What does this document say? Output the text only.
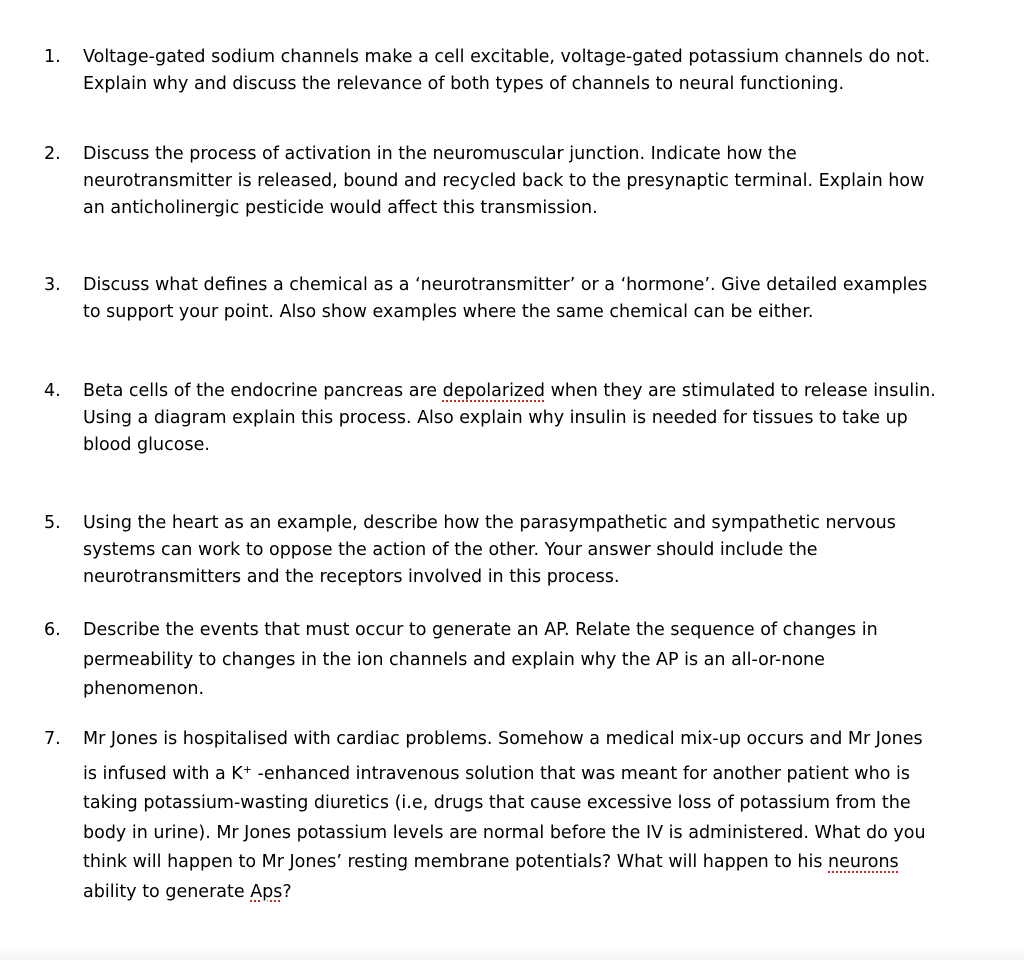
1.	Voltage-gated sodium channels make a cell excitable, voltage-gated potassium channels do not.
Explain why and discuss the relevance of both types of channels to neural functioning.
2.	Discuss the process of activation in the neuromuscular junction. Indicate how the
neurotransmitter is released, bound and recycled back to the presynaptic terminal. Explain how
an anticholinergic pesticide would affect this transmission.
3.	Discuss what defines a chemical as a ‘neurotransmitter’ or a ‘hormone’. Give detailed examples
to support your point. Also show examples where the same chemical can be either.
4.	Beta cells of the endocrine pancreas are depolarized when they are stimulated to release insulin.
Using a diagram explain this process. Also explain why insulin is needed for tissues to take up
blood glucose.
5.	Using the heart as an example, describe how the parasympathetic and sympathetic nervous
systems can work to oppose the action of the other. Your answer should include the
neurotransmitters and the receptors involved in this process.
6.	Describe the events that must occur to generate an AP. Relate the sequence of changes in
permeability to changes in the ion channels and explain why the AP is an all-or-none
phenomenon.
7.	Mr Jones is hospitalised with cardiac problems. Somehow a medical mix-up occurs and Mr Jones
is infused with a K+ -enhanced intravenous solution that was meant for another patient who is
taking potassium-wasting diuretics (i.e, drugs that cause excessive loss of potassium from the
body in urine). Mr Jones potassium levels are normal before the IV is administered. What do you
think will happen to Mr Jones’ resting membrane potentials? What will happen to his neurons
ability to generate Aps?
